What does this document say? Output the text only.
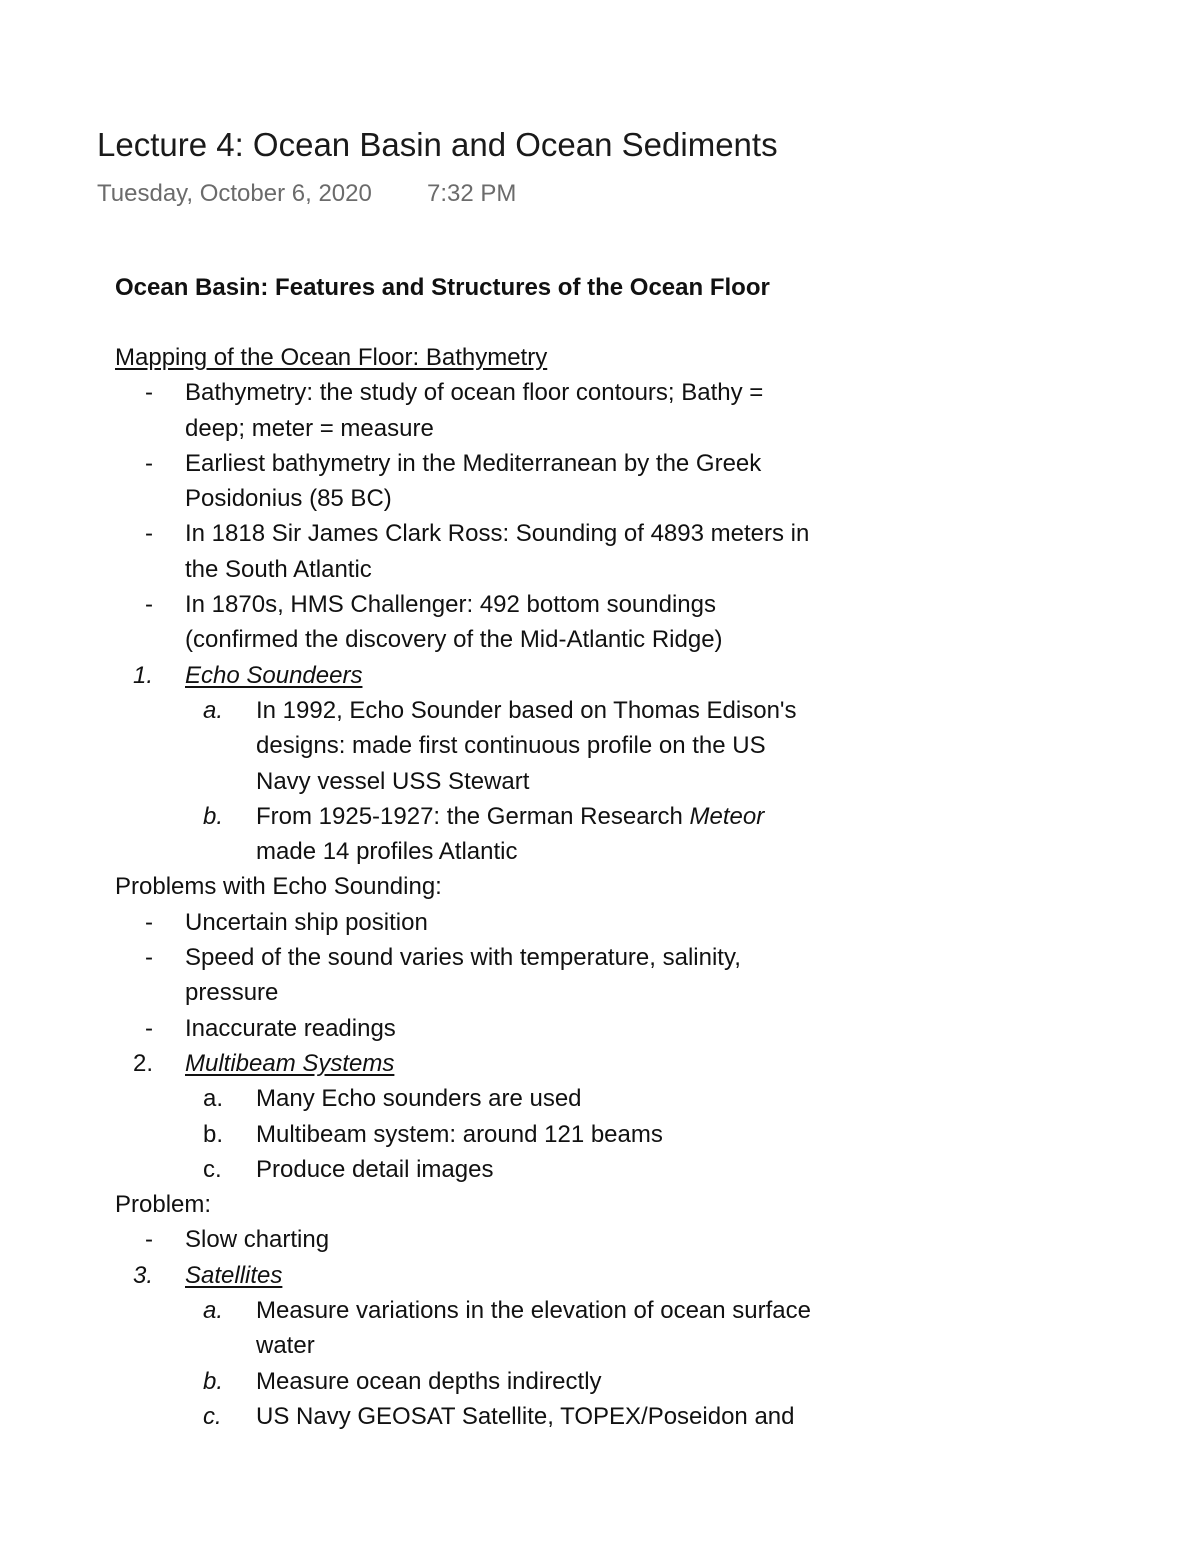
Lecture 4: Ocean Basin and Ocean Sediments
Tuesday, October 6, 2020 7:32 PM
Ocean Basin: Features and Structures of the Ocean Floor
Mapping of the Ocean Floor: Bathymetry
- Bathymetry: the study of ocean floor contours; Bathy =
deep; meter = measure
- Earliest bathymetry in the Mediterranean by the Greek
Posidonius (85 BC)
- In 1818 Sir James Clark Ross: Sounding of 4893 meters in
the South Atlantic
- In 1870s, HMS Challenger: 492 bottom soundings
(confirmed the discovery of the Mid-Atlantic Ridge)
1. Echo Soundeers
a. In 1992, Echo Sounder based on Thomas Edison's
designs: made first continuous profile on the US
Navy vessel USS Stewart
b. From 1925-1927: the German Research Meteor
made 14 profiles Atlantic
Problems with Echo Sounding:
- Uncertain ship position
- Speed of the sound varies with temperature, salinity,
pressure
- Inaccurate readings
2. Multibeam Systems
a. Many Echo sounders are used
b. Multibeam system: around 121 beams
c. Produce detail images
Problem:
- Slow charting
3. Satellites
a. Measure variations in the elevation of ocean surface
water
b. Measure ocean depths indirectly
c. US Navy GEOSAT Satellite, TOPEX/Poseidon and
